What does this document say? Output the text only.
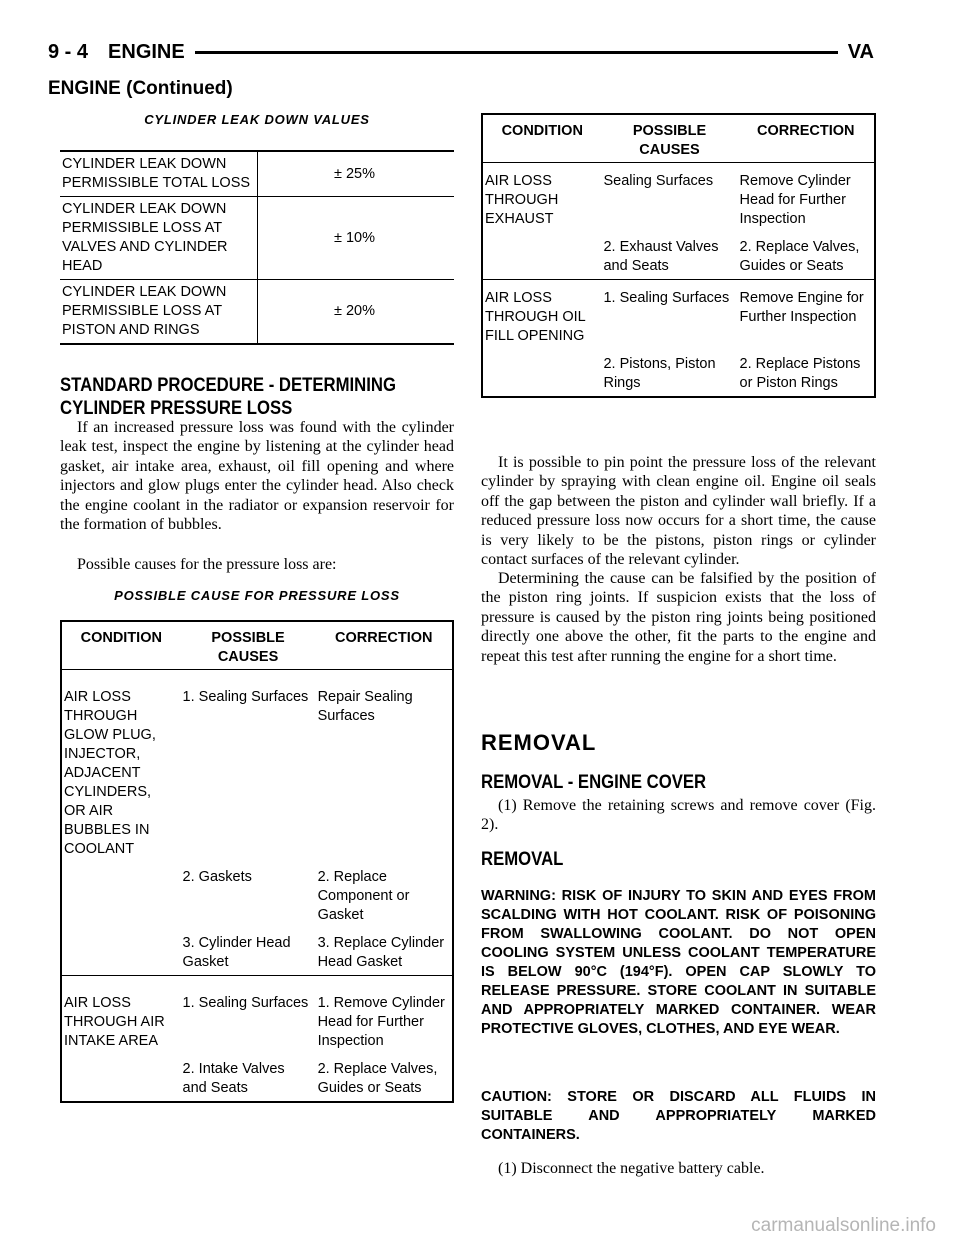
9 - 4 ENGINE	VA
ENGINE (Continued)
CYLINDER LEAK DOWN VALUES
CYLINDER LEAK DOWN PERMISSIBLE TOTAL LOSS	± 25%
CYLINDER LEAK DOWN PERMISSIBLE LOSS AT VALVES AND CYLINDER HEAD	± 10%
CYLINDER LEAK DOWN PERMISSIBLE LOSS AT PISTON AND RINGS	± 20%
STANDARD PROCEDURE - DETERMINING CYLINDER PRESSURE LOSS

If an increased pressure loss was found with the cylinder leak test, inspect the engine by listening at the cylinder head gasket, air intake area, exhaust, oil fill opening and where injectors and glow plugs enter the cylinder head. Also check the engine coolant in the radiator or expansion reservoir for the formation of bubbles.

Possible causes for the pressure loss are:

POSSIBLE CAUSE FOR PRESSURE LOSS
CONDITION	POSSIBLE CAUSES	CORRECTION
AIR LOSS THROUGH GLOW PLUG, INJECTOR, ADJACENT CYLINDERS, OR AIR BUBBLES IN COOLANT	1. Sealing Surfaces	Repair Sealing Surfaces
	2. Gaskets	2. Replace Component or Gasket
	3. Cylinder Head Gasket	3. Replace Cylinder Head Gasket
AIR LOSS THROUGH AIR INTAKE AREA	1. Sealing Surfaces	1. Remove Cylinder Head for Further Inspection
	2. Intake Valves and Seats	2. Replace Valves, Guides or Seats
CONDITION	POSSIBLE CAUSES	CORRECTION
AIR LOSS THROUGH EXHAUST	Sealing Surfaces	Remove Cylinder Head for Further Inspection
	2. Exhaust Valves and Seats	2. Replace Valves, Guides or Seats
AIR LOSS THROUGH OIL FILL OPENING	1. Sealing Surfaces	Remove Engine for Further Inspection
	2. Pistons, Piston Rings	2. Replace Pistons or Piston Rings

It is possible to pin point the pressure loss of the relevant cylinder by spraying with clean engine oil. Engine oil seals off the gap between the piston and cylinder wall briefly. If a reduced pressure loss now occurs for a short time, the cause is very likely to be the pistons, piston rings or cylinder contact surfaces of the relevant cylinder.

Determining the cause can be falsified by the position of the piston ring joints. If suspicion exists that the loss of pressure is caused by the piston ring joints being positioned directly one above the other, fit the parts to the engine and repeat this test after running the engine for a short time.

REMOVAL
REMOVAL - ENGINE COVER

(1) Remove the retaining screws and remove cover (Fig. 2).

REMOVAL

WARNING: RISK OF INJURY TO SKIN AND EYES FROM SCALDING WITH HOT COOLANT. RISK OF POISONING FROM SWALLOWING COOLANT. DO NOT OPEN COOLING SYSTEM UNLESS COOLANT TEMPERATURE IS BELOW 90°C (194°F). OPEN CAP SLOWLY TO RELEASE PRESSURE. STORE COOLANT IN SUITABLE AND APPROPRIATELY MARKED CONTAINER. WEAR PROTECTIVE GLOVES, CLOTHES, AND EYE WEAR.

CAUTION: STORE OR DISCARD ALL FLUIDS IN SUITABLE AND APPROPRIATELY MARKED CONTAINERS.

(1) Disconnect the negative battery cable.

carmanualsonline.info
